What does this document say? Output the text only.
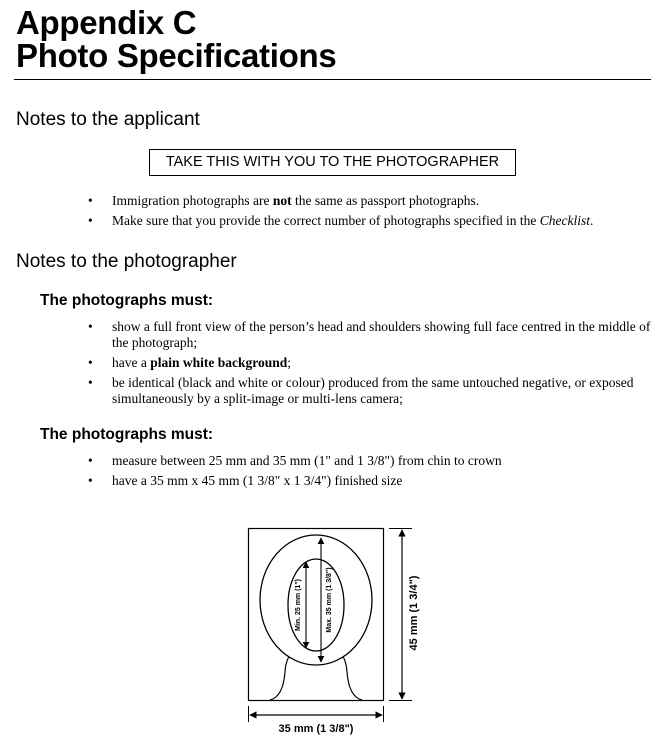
Appendix C
Photo Specifications
Notes to the applicant
TAKE THIS WITH YOU TO THE PHOTOGRAPHER
• Immigration photographs are not the same as passport photographs.
• Make sure that you provide the correct number of photographs specified in the Checklist.
Notes to the photographer
The photographs must:
• show a full front view of the person’s head and shoulders showing full face centred in the middle of the photograph;
• have a plain white background;
• be identical (black and white or colour) produced from the same untouched negative, or exposed simultaneously by a split-image or multi-lens camera;
The photographs must:
• measure between 25 mm and 35 mm (1" and 1 3/8") from chin to crown
• have a 35 mm x 45 mm (1 3/8" x 1 3/4") finished size
Min. 25 mm (1")	Max. 35 mm (1 3/8")	45 mm (1 3/4")
35 mm (1 3/8")
